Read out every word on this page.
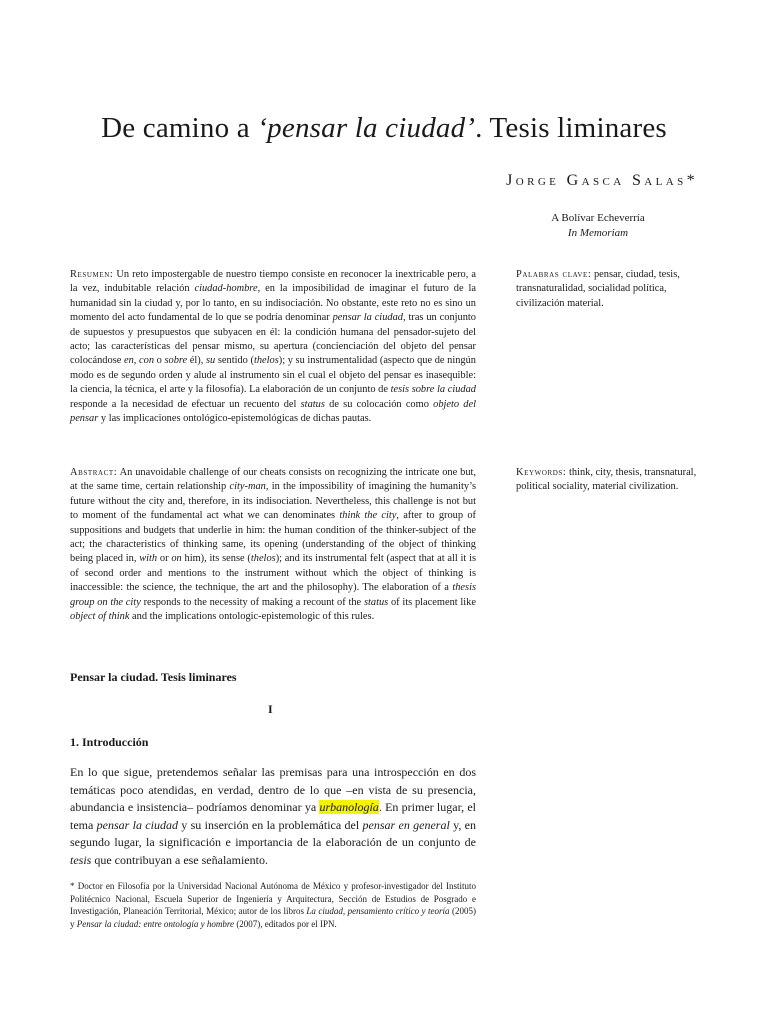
De camino a ‘pensar la ciudad’. Tesis liminares
Jorge Gasca Salas*
A Bolívar Echeverría
In Memoriam
Resumen: Un reto impostergable de nuestro tiempo consiste en reconocer la inextricable pero, a la vez, indubitable relación ciudad-hombre, en la imposibilidad de imaginar el futuro de la humanidad sin la ciudad y, por lo tanto, en su indisociación. No obstante, este reto no es sino un momento del acto fundamental de lo que se podría denominar pensar la ciudad, tras un conjunto de supuestos y presupuestos que subyacen en él: la condición humana del pensador-sujeto del acto; las características del pensar mismo, su apertura (concienciación del objeto del pensar colocándose en, con o sobre él), su sentido (thelos); y su instrumentalidad (aspecto que de ningún modo es de segundo orden y alude al instrumento sin el cual el objeto del pensar es inasequible: la ciencia, la técnica, el arte y la filosofía). La elaboración de un conjunto de tesis sobre la ciudad responde a la necesidad de efectuar un recuento del status de su colocación como objeto del pensar y las implicaciones ontológico-epistemológicas de dichas pautas.
Palabras clave: pensar, ciudad, tesis, transnaturalidad, socialidad política, civilización material.
Abstract: An unavoidable challenge of our cheats consists on recognizing the intricate one but, at the same time, certain relationship city-man, in the impossibility of imagining the humanity’s future without the city and, therefore, in its indisociation. Nevertheless, this challenge is not but to moment of the fundamental act what we can denominates think the city, after to group of suppositions and budgets that underlie in him: the human condition of the thinker-subject of the act; the characteristics of thinking same, its opening (understanding of the object of thinking being placed in, with or on him), its sense (thelos); and its instrumental felt (aspect that at all it is of second order and mentions to the instrument without which the object of thinking is inaccessible: the science, the technique, the art and the philosophy). The elaboration of a thesis group on the city responds to the necessity of making a recount of the status of its placement like object of think and the implications ontologic-epistemologic of this rules.
Keywords: think, city, thesis, transnatural, political sociality, material civilization.
Pensar la ciudad. Tesis liminares
I
1. Introducción
En lo que sigue, pretendemos señalar las premisas para una introspección en dos temáticas poco atendidas, en verdad, dentro de lo que –en vista de su presencia, abundancia e insistencia– podríamos denominar ya urbanología. En primer lugar, el tema pensar la ciudad y su inserción en la problemática del pensar en general y, en segundo lugar, la significación e importancia de la elaboración de un conjunto de tesis que contribuyan a ese señalamiento.
* Doctor en Filosofía por la Universidad Nacional Autónoma de México y profesor-investigador del Instituto Politécnico Nacional, Escuela Superior de Ingeniería y Arquitectura, Sección de Estudios de Posgrado e Investigación, Planeación Territorial, México; autor de los libros La ciudad, pensamiento crítico y teoría (2005) y Pensar la ciudad: entre ontología y hombre (2007), editados por el IPN.
